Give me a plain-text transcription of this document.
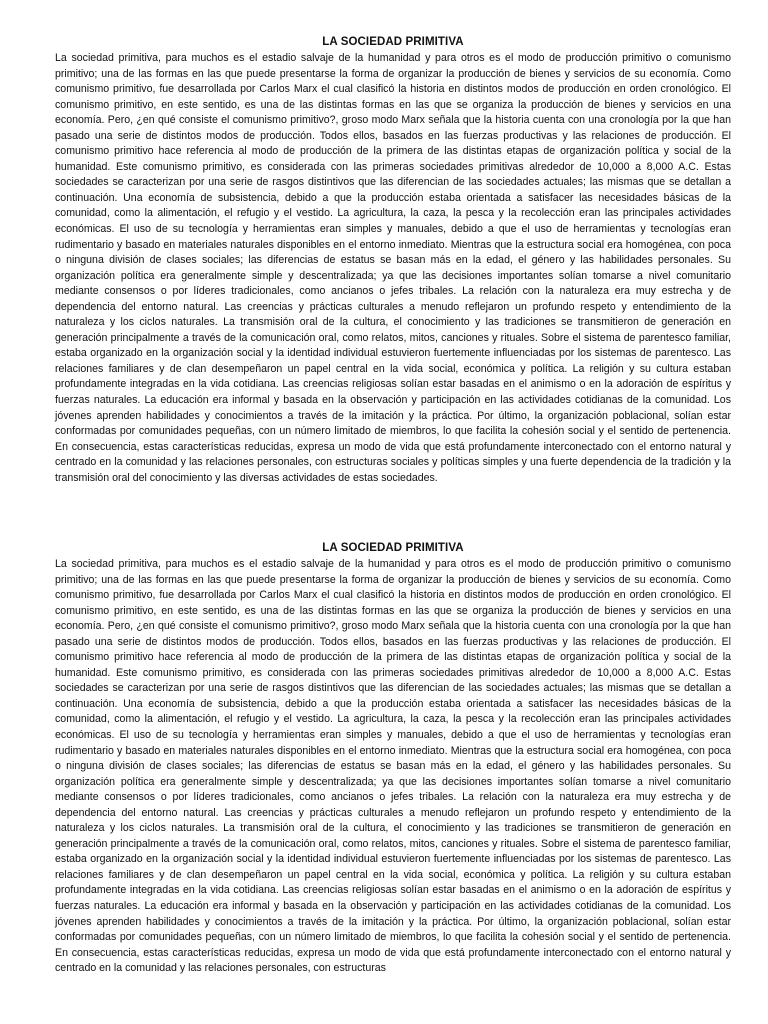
LA SOCIEDAD PRIMITIVA

La sociedad primitiva, para muchos es el estadio salvaje de la humanidad y para otros es el modo de producción primitivo o comunismo primitivo; una de las formas en las que puede presentarse la forma de organizar la producción de bienes y servicios de su economía. Como comunismo primitivo, fue desarrollada por Carlos Marx el cual clasificó la historia en distintos modos de producción en orden cronológico. El comunismo primitivo, en este sentido, es una de las distintas formas en las que se organiza la producción de bienes y servicios en una economía. Pero, ¿en qué consiste el comunismo primitivo?, groso modo Marx señala que la historia cuenta con una cronología por la que han pasado una serie de distintos modos de producción. Todos ellos, basados en las fuerzas productivas y las relaciones de producción. El comunismo primitivo hace referencia al modo de producción de la primera de las distintas etapas de organización política y social de la humanidad. Este comunismo primitivo, es considerada con las primeras sociedades primitivas alrededor de 10,000 a 8,000 A.C. Estas sociedades se caracterizan por una serie de rasgos distintivos que las diferencian de las sociedades actuales; las mismas que se detallan a continuación. Una economía de subsistencia, debido a que la producción estaba orientada a satisfacer las necesidades básicas de la comunidad, como la alimentación, el refugio y el vestido. La agricultura, la caza, la pesca y la recolección eran las principales actividades económicas. El uso de su tecnología y herramientas eran simples y manuales, debido a que el uso de herramientas y tecnologías eran rudimentario y basado en materiales naturales disponibles en el entorno inmediato. Mientras que la estructura social era homogénea, con poca o ninguna división de clases sociales; las diferencias de estatus se basan más en la edad, el género y las habilidades personales. Su organización política era generalmente simple y descentralizada; ya que las decisiones importantes solían tomarse a nivel comunitario mediante consensos o por líderes tradicionales, como ancianos o jefes tribales. La relación con la naturaleza era muy estrecha y de dependencia del entorno natural. Las creencias y prácticas culturales a menudo reflejaron un profundo respeto y entendimiento de la naturaleza y los ciclos naturales. La transmisión oral de la cultura, el conocimiento y las tradiciones se transmitieron de generación en generación principalmente a través de la comunicación oral, como relatos, mitos, canciones y rituales. Sobre el sistema de parentesco familiar, estaba organizado en la organización social y la identidad individual estuvieron fuertemente influenciadas por los sistemas de parentesco. Las relaciones familiares y de clan desempeñaron un papel central en la vida social, económica y política. La religión y su cultura estaban profundamente integradas en la vida cotidiana. Las creencias religiosas solían estar basadas en el animismo o en la adoración de espíritus y fuerzas naturales. La educación era informal y basada en la observación y participación en las actividades cotidianas de la comunidad. Los jóvenes aprenden habilidades y conocimientos a través de la imitación y la práctica. Por último, la organización poblacional, solían estar conformadas por comunidades pequeñas, con un número limitado de miembros, lo que facilita la cohesión social y el sentido de pertenencia. En consecuencia, estas características reducidas, expresa un modo de vida que está profundamente interconectado con el entorno natural y centrado en la comunidad y las relaciones personales, con estructuras sociales y políticas simples y una fuerte dependencia de la tradición y la transmisión oral del conocimiento y las diversas actividades de estas sociedades.

LA SOCIEDAD PRIMITIVA

La sociedad primitiva, para muchos es el estadio salvaje de la humanidad y para otros es el modo de producción primitivo o comunismo primitivo; una de las formas en las que puede presentarse la forma de organizar la producción de bienes y servicios de su economía. Como comunismo primitivo, fue desarrollada por Carlos Marx el cual clasificó la historia en distintos modos de producción en orden cronológico. El comunismo primitivo, en este sentido, es una de las distintas formas en las que se organiza la producción de bienes y servicios en una economía. Pero, ¿en qué consiste el comunismo primitivo?, groso modo Marx señala que la historia cuenta con una cronología por la que han pasado una serie de distintos modos de producción. Todos ellos, basados en las fuerzas productivas y las relaciones de producción. El comunismo primitivo hace referencia al modo de producción de la primera de las distintas etapas de organización política y social de la humanidad. Este comunismo primitivo, es considerada con las primeras sociedades primitivas alrededor de 10,000 a 8,000 A.C. Estas sociedades se caracterizan por una serie de rasgos distintivos que las diferencian de las sociedades actuales; las mismas que se detallan a continuación. Una economía de subsistencia, debido a que la producción estaba orientada a satisfacer las necesidades básicas de la comunidad, como la alimentación, el refugio y el vestido. La agricultura, la caza, la pesca y la recolección eran las principales actividades económicas. El uso de su tecnología y herramientas eran simples y manuales, debido a que el uso de herramientas y tecnologías eran rudimentario y basado en materiales naturales disponibles en el entorno inmediato. Mientras que la estructura social era homogénea, con poca o ninguna división de clases sociales; las diferencias de estatus se basan más en la edad, el género y las habilidades personales. Su organización política era generalmente simple y descentralizada; ya que las decisiones importantes solían tomarse a nivel comunitario mediante consensos o por líderes tradicionales, como ancianos o jefes tribales. La relación con la naturaleza era muy estrecha y de dependencia del entorno natural. Las creencias y prácticas culturales a menudo reflejaron un profundo respeto y entendimiento de la naturaleza y los ciclos naturales. La transmisión oral de la cultura, el conocimiento y las tradiciones se transmitieron de generación en generación principalmente a través de la comunicación oral, como relatos, mitos, canciones y rituales. Sobre el sistema de parentesco familiar, estaba organizado en la organización social y la identidad individual estuvieron fuertemente influenciadas por los sistemas de parentesco. Las relaciones familiares y de clan desempeñaron un papel central en la vida social, económica y política. La religión y su cultura estaban profundamente integradas en la vida cotidiana. Las creencias religiosas solían estar basadas en el animismo o en la adoración de espíritus y fuerzas naturales. La educación era informal y basada en la observación y participación en las actividades cotidianas de la comunidad. Los jóvenes aprenden habilidades y conocimientos a través de la imitación y la práctica. Por último, la organización poblacional, solían estar conformadas por comunidades pequeñas, con un número limitado de miembros, lo que facilita la cohesión social y el sentido de pertenencia. En consecuencia, estas características reducidas, expresa un modo de vida que está profundamente interconectado con el entorno natural y centrado en la comunidad y las relaciones personales, con estructuras
